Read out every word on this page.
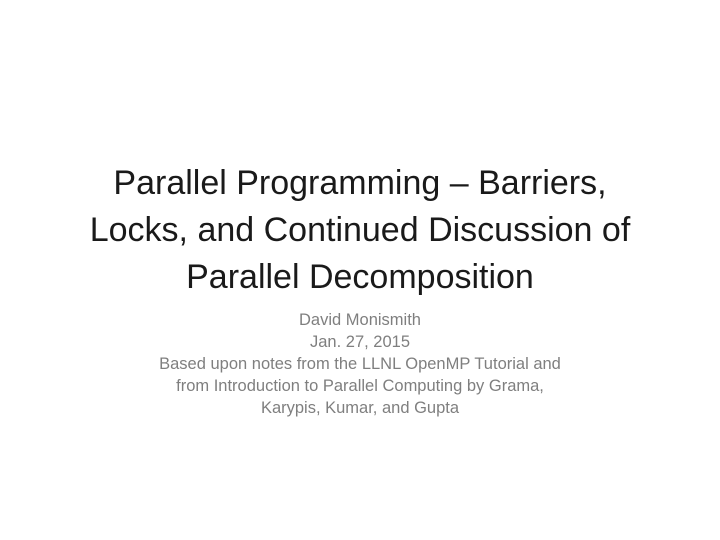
Parallel Programming – Barriers,
Locks, and Continued Discussion of
Parallel Decomposition
David Monismith
Jan. 27, 2015
Based upon notes from the LLNL OpenMP Tutorial and
from Introduction to Parallel Computing by Grama,
Karypis, Kumar, and Gupta
